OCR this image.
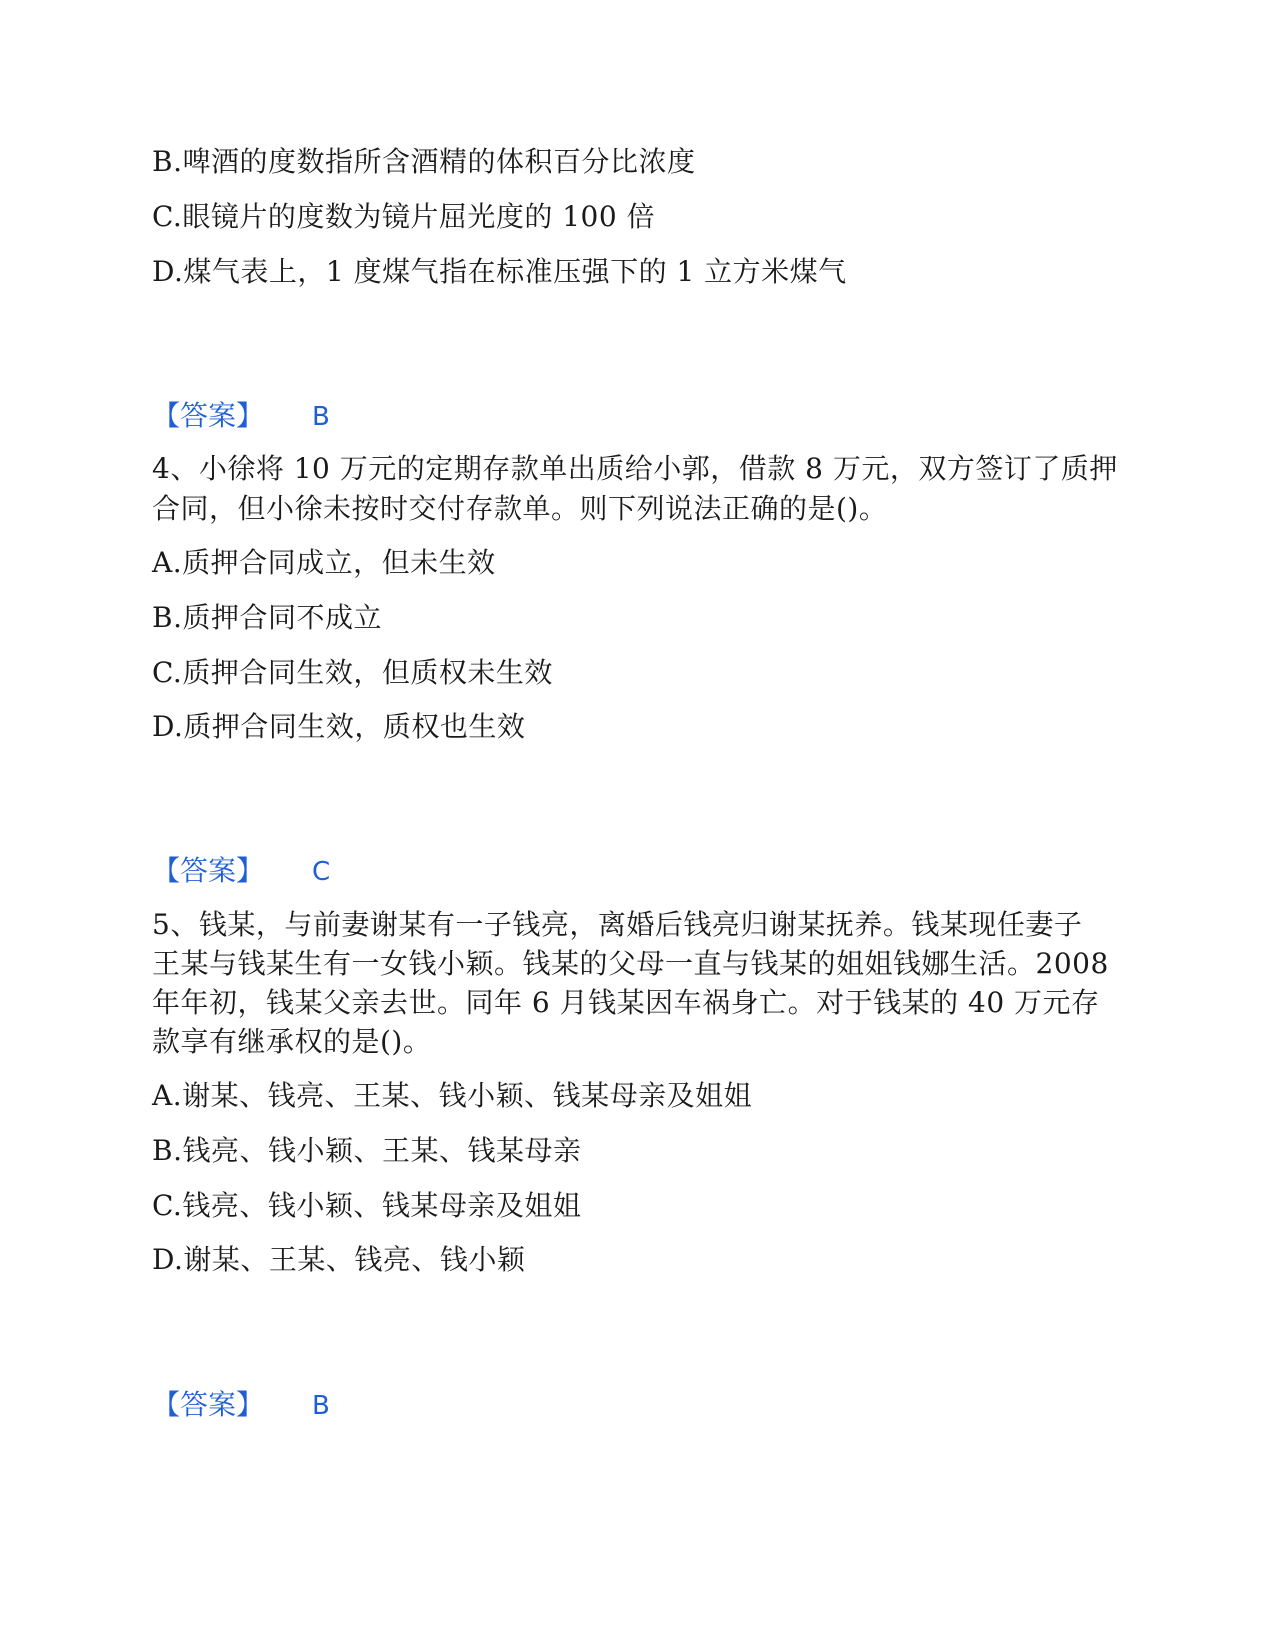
B.啤酒的度数指所含酒精的体积百分比浓度
C.眼镜片的度数为镜片屈光度的 100 倍
D.煤气表上，1 度煤气指在标准压强下的 1 立方米煤气
【答案】 B
4、小徐将 10 万元的定期存款单出质给小郭，借款 8 万元，双方签订了质押
合同，但小徐未按时交付存款单。则下列说法正确的是()。
A.质押合同成立，但未生效
B.质押合同不成立
C.质押合同生效，但质权未生效
D.质押合同生效，质权也生效
【答案】 C
5、钱某，与前妻谢某有一子钱亮，离婚后钱亮归谢某抚养。钱某现任妻子
王某与钱某生有一女钱小颖。钱某的父母一直与钱某的姐姐钱娜生活。2008
年年初，钱某父亲去世。同年 6 月钱某因车祸身亡。对于钱某的 40 万元存
款享有继承权的是()。
A.谢某、钱亮、王某、钱小颖、钱某母亲及姐姐
B.钱亮、钱小颖、王某、钱某母亲
C.钱亮、钱小颖、钱某母亲及姐姐
D.谢某、王某、钱亮、钱小颖
【答案】 B
